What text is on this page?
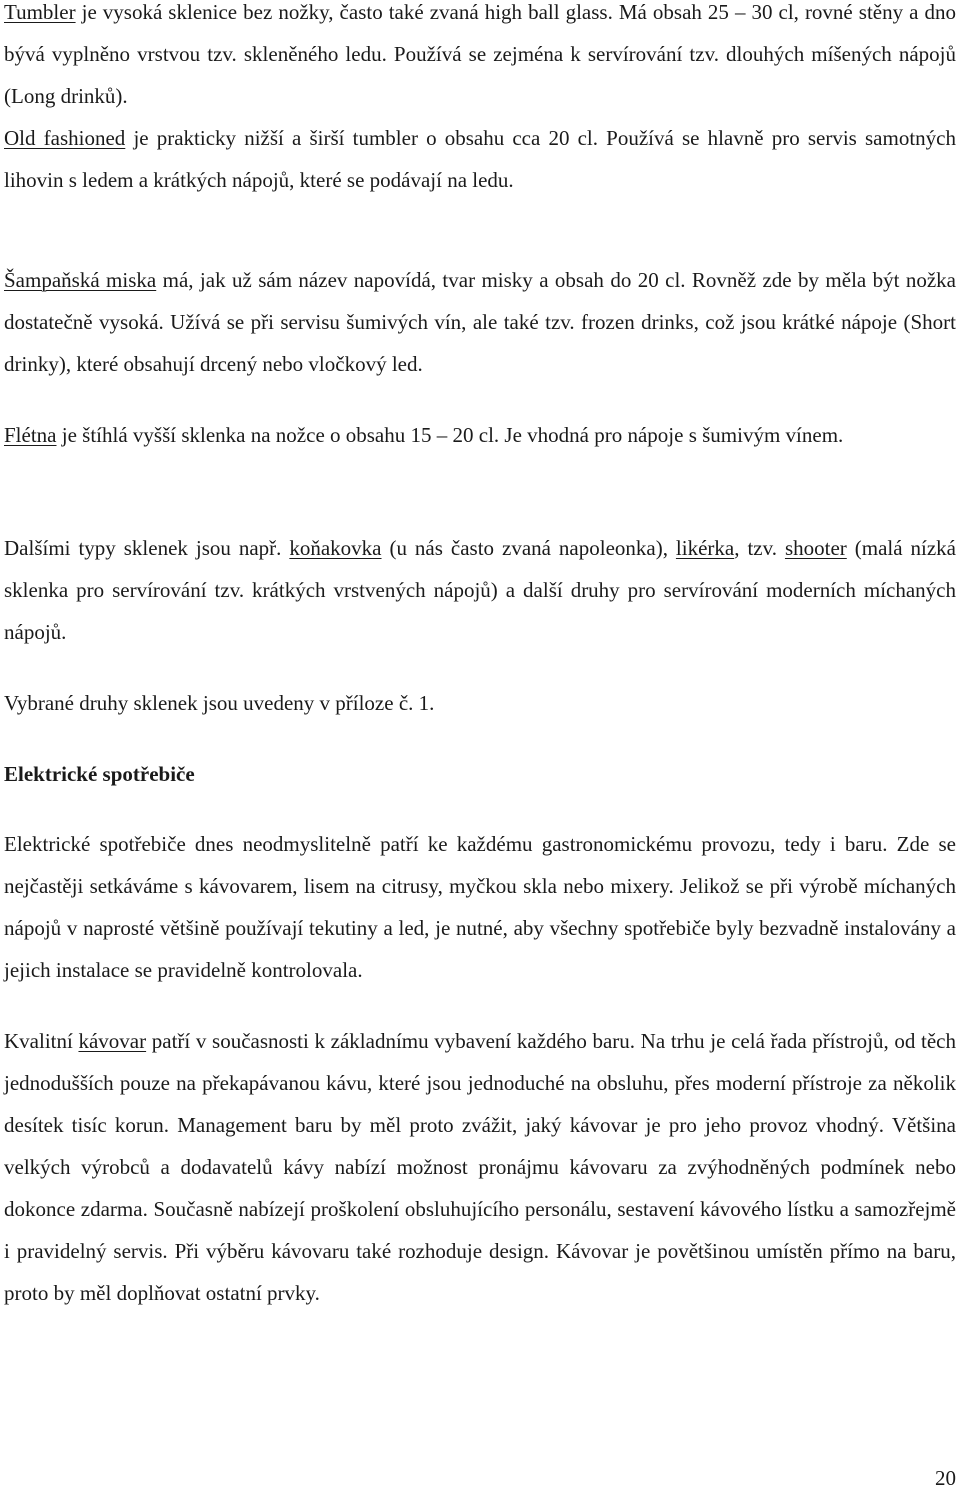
Tumbler je vysoká sklenice bez nožky, často také zvaná high ball glass. Má obsah 25 – 30 cl, rovné stěny a dno bývá vyplněno vrstvou tzv. skleněného ledu. Používá se zejména k servírování tzv. dlouhých míšených nápojů (Long drinků).

Old fashioned je prakticky nižší a širší tumbler o obsahu cca 20 cl. Používá se hlavně pro servis samotných lihovin s ledem a krátkých nápojů, které se podávají na ledu.

Šampaňská miska má, jak už sám název napovídá, tvar misky a obsah do 20 cl. Rovněž zde by měla být nožka dostatečně vysoká. Užívá se při servisu šumivých vín, ale také tzv. frozen drinks, což jsou krátké nápoje (Short drinky), které obsahují drcený nebo vločkový led.

Flétna je štíhlá vyšší sklenka na nožce o obsahu 15 – 20 cl. Je vhodná pro nápoje s šumivým vínem.

Dalšími typy sklenek jsou např. koňakovka (u nás často zvaná napoleonka), likérka, tzv. shooter (malá nízká sklenka pro servírování tzv. krátkých vrstvených nápojů) a další druhy pro servírování moderních míchaných nápojů.

Vybrané druhy sklenek jsou uvedeny v příloze č. 1.

Elektrické spotřebiče

Elektrické spotřebiče dnes neodmyslitelně patří ke každému gastronomickému provozu, tedy i baru. Zde se nejčastěji setkáváme s kávovarem, lisem na citrusy, myčkou skla nebo mixery. Jelikož se při výrobě míchaných nápojů v naprosté většině používají tekutiny a led, je nutné, aby všechny spotřebiče byly bezvadně instalovány a jejich instalace se pravidelně kontrolovala.

Kvalitní kávovar patří v současnosti k základnímu vybavení každého baru. Na trhu je celá řada přístrojů, od těch jednodušších pouze na překapávanou kávu, které jsou jednoduché na obsluhu, přes moderní přístroje za několik desítek tisíc korun. Management baru by měl proto zvážit, jaký kávovar je pro jeho provoz vhodný. Většina velkých výrobců a dodavatelů kávy nabízí možnost pronájmu kávovaru za zvýhodněných podmínek nebo dokonce zdarma. Současně nabízejí proškolení obsluhujícího personálu, sestavení kávového lístku a samozřejmě i pravidelný servis. Při výběru kávovaru také rozhoduje design. Kávovar je povětšinou umístěn přímo na baru, proto by měl doplňovat ostatní prvky.

20
